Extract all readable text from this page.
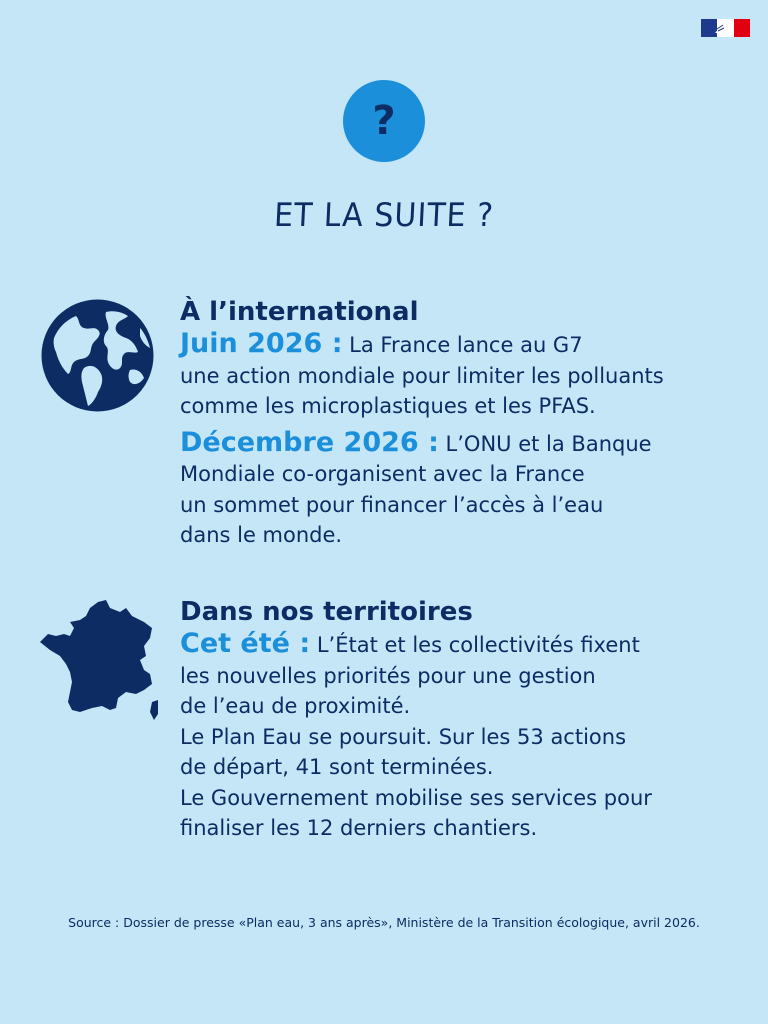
?
ET LA SUITE ?
À l’international
Juin 2026 : La France lance au G7
une action mondiale pour limiter les polluants
comme les microplastiques et les PFAS.
Décembre 2026 : L’ONU et la Banque
Mondiale co-organisent avec la France
un sommet pour financer l’accès à l’eau
dans le monde.
Dans nos territoires
Cet été : L’État et les collectivités fixent
les nouvelles priorités pour une gestion
de l’eau de proximité.
Le Plan Eau se poursuit. Sur les 53 actions
de départ, 41 sont terminées.
Le Gouvernement mobilise ses services pour
finaliser les 12 derniers chantiers.
Source : Dossier de presse «Plan eau, 3 ans après», Ministère de la Transition écologique, avril 2026.
